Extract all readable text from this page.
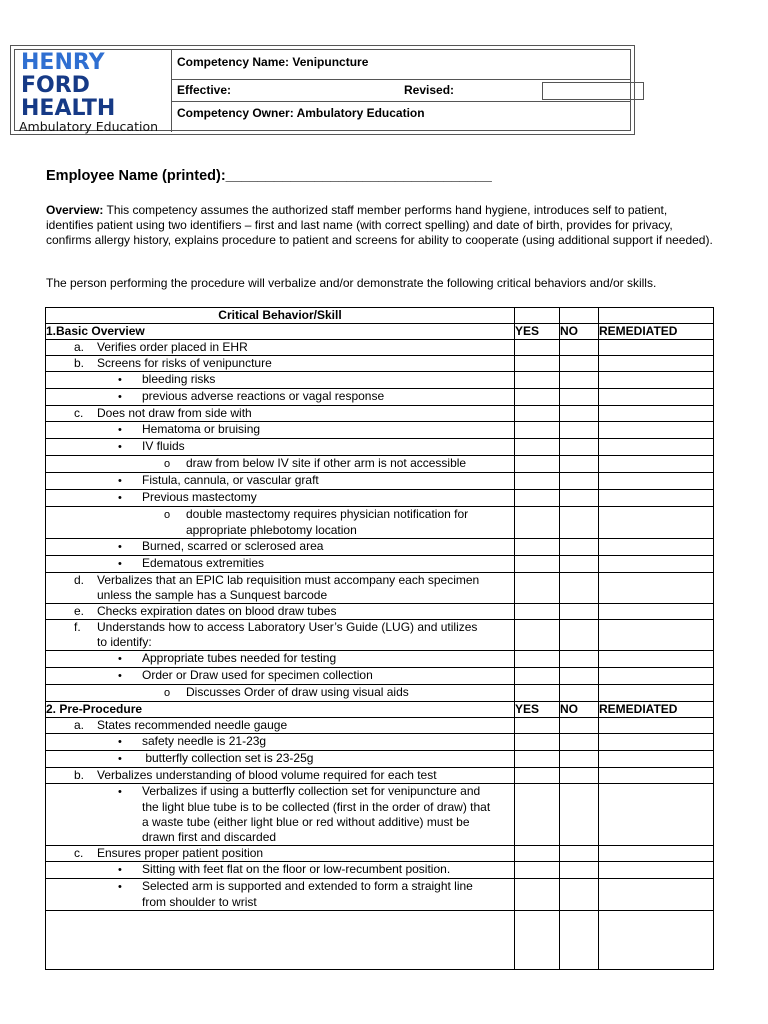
HENRY
FORD
HEALTH
Ambulatory Education
Competency Name: Venipuncture
Effective:	Revised:
Competency Owner: Ambulatory Education
Employee Name (printed):_________________________________
Overview: This competency assumes the authorized staff member performs hand hygiene, introduces self to patient, identifies patient using two identifiers – first and last name (with correct spelling) and date of birth, provides for privacy, confirms allergy history, explains procedure to patient and screens for ability to cooperate (using additional support if needed).
The person performing the procedure will verbalize and/or demonstrate the following critical behaviors and/or skills.
Critical Behavior/Skill			
1.Basic Overview	YES	NO	REMEDIATED

a. Verifies order placed in EHR			

b. Screens for risks of venipuncture			

• bleeding risks			

• previous adverse reactions or vagal response			

c. Does not draw from side with			

• Hematoma or bruising			

• IV fluids			

o draw from below IV site if other arm is not accessible			

• Fistula, cannula, or vascular graft			

• Previous mastectomy			

o double mastectomy requires physician notification for
appropriate phlebotomy location			

• Burned, scarred or sclerosed area			

• Edematous extremities			

d. Verbalizes that an EPIC lab requisition must accompany each specimen
unless the sample has a Sunquest barcode			

e. Checks expiration dates on blood draw tubes			

f. Understands how to access Laboratory User’s Guide (LUG) and utilizes
to identify:			

• Appropriate tubes needed for testing			

• Order or Draw used for specimen collection			

o Discusses Order of draw using visual aids			

2. Pre-Procedure	YES	NO	REMEDIATED

a. States recommended needle gauge			

• safety needle is 21-23g			

• butterfly collection set is 23-25g			

b. Verbalizes understanding of blood volume required for each test			

• Verbalizes if using a butterfly collection set for venipuncture and
the light blue tube is to be collected (first in the order of draw) that
a waste tube (either light blue or red without additive) must be
drawn first and discarded			

c. Ensures proper patient position			

• Sitting with feet flat on the floor or low-recumbent position.			

• Selected arm is supported and extended to form a straight line
from shoulder to wrist			
